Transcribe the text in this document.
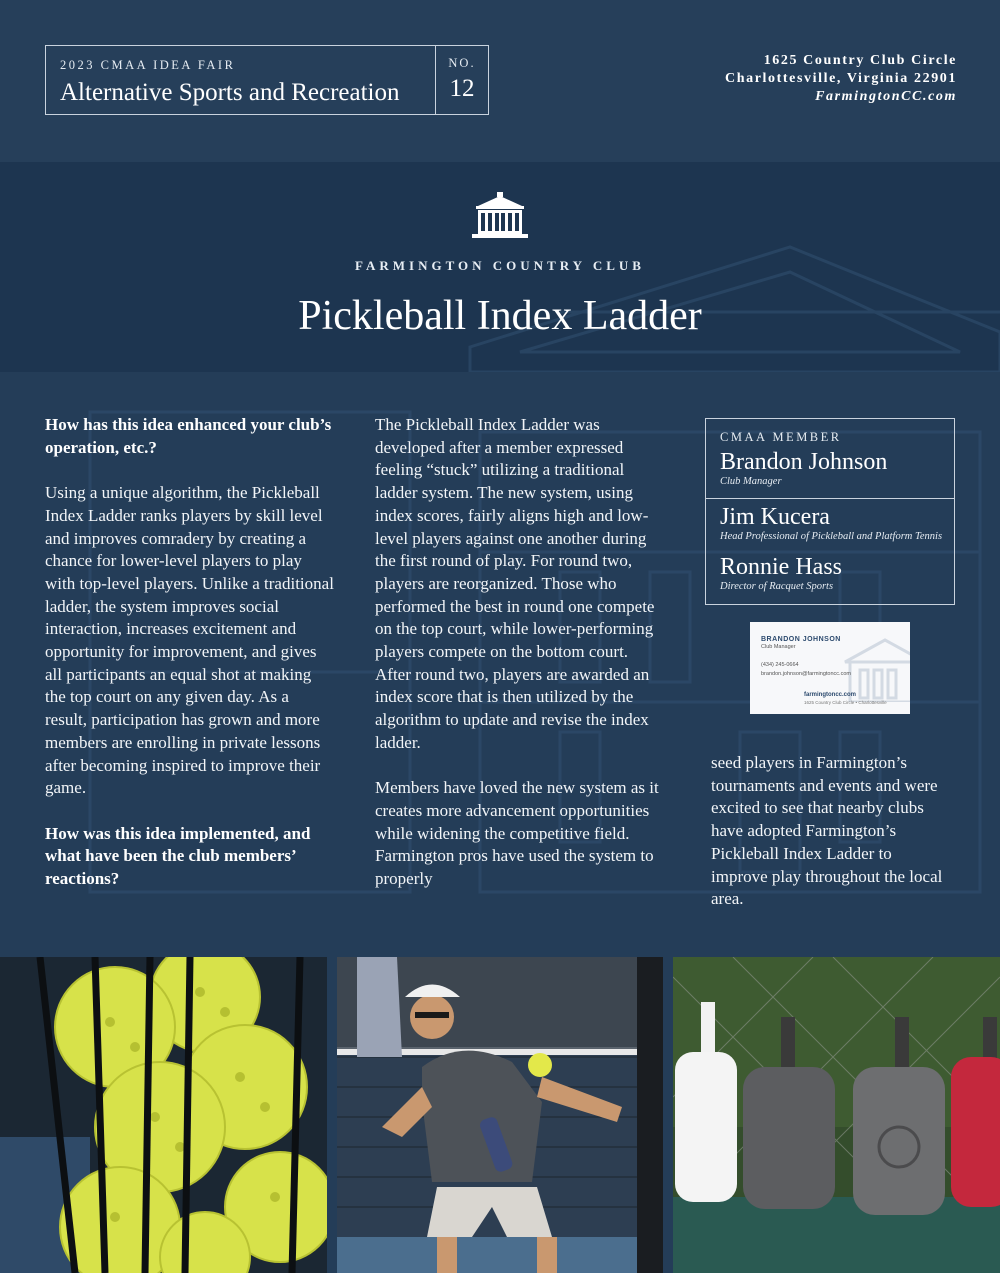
2023 CMAA IDEA FAIR
Alternative Sports and Recreation
NO.
12
1625 Country Club Circle
Charlottesville, Virginia 22901
FarmingtonCC.com
FARMINGTON COUNTRY CLUB
Pickleball Index Ladder

How has this idea enhanced your club’s operation, etc.?

Using a unique algorithm, the Pickleball Index Ladder ranks players by skill level and improves comradery by creating a chance for lower-level players to play with top-level players. Unlike a traditional ladder, the system improves social interaction, increases excitement and opportunity for improvement, and gives all participants an equal shot at making the top court on any given day. As a result, participation has grown and more members are enrolling in private lessons after becoming inspired to improve their game.

How was this idea implemented, and what have been the club members’ reactions?

The Pickleball Index Ladder was developed after a member expressed feeling “stuck” utilizing a traditional ladder system. The new system, using index scores, fairly aligns high and low-level players against one another during the first round of play. For round two, players are reorganized. Those who performed the best in round one compete on the top court, while lower-performing players compete on the bottom court. After round two, players are awarded an index score that is then utilized by the algorithm to update and revise the index ladder.

Members have loved the new system as it creates more advancement opportunities while widening the competitive field. Farmington pros have used the system to properly

seed players in Farmington’s tournaments and events and were excited to see that nearby clubs have adopted Farmington’s Pickleball Index Ladder to improve play throughout the local area.

CMAA MEMBER
Brandon Johnson
Club Manager
Jim Kucera
Head Professional of Pickleball and Platform Tennis
Ronnie Hass
Director of Racquet Sports
BRANDON JOHNSON
Club Manager
(434) 245-0664
brandon.johnson@farmingtoncc.com
farmingtoncc.com
1625 Country Club Circle • Charlottesville
